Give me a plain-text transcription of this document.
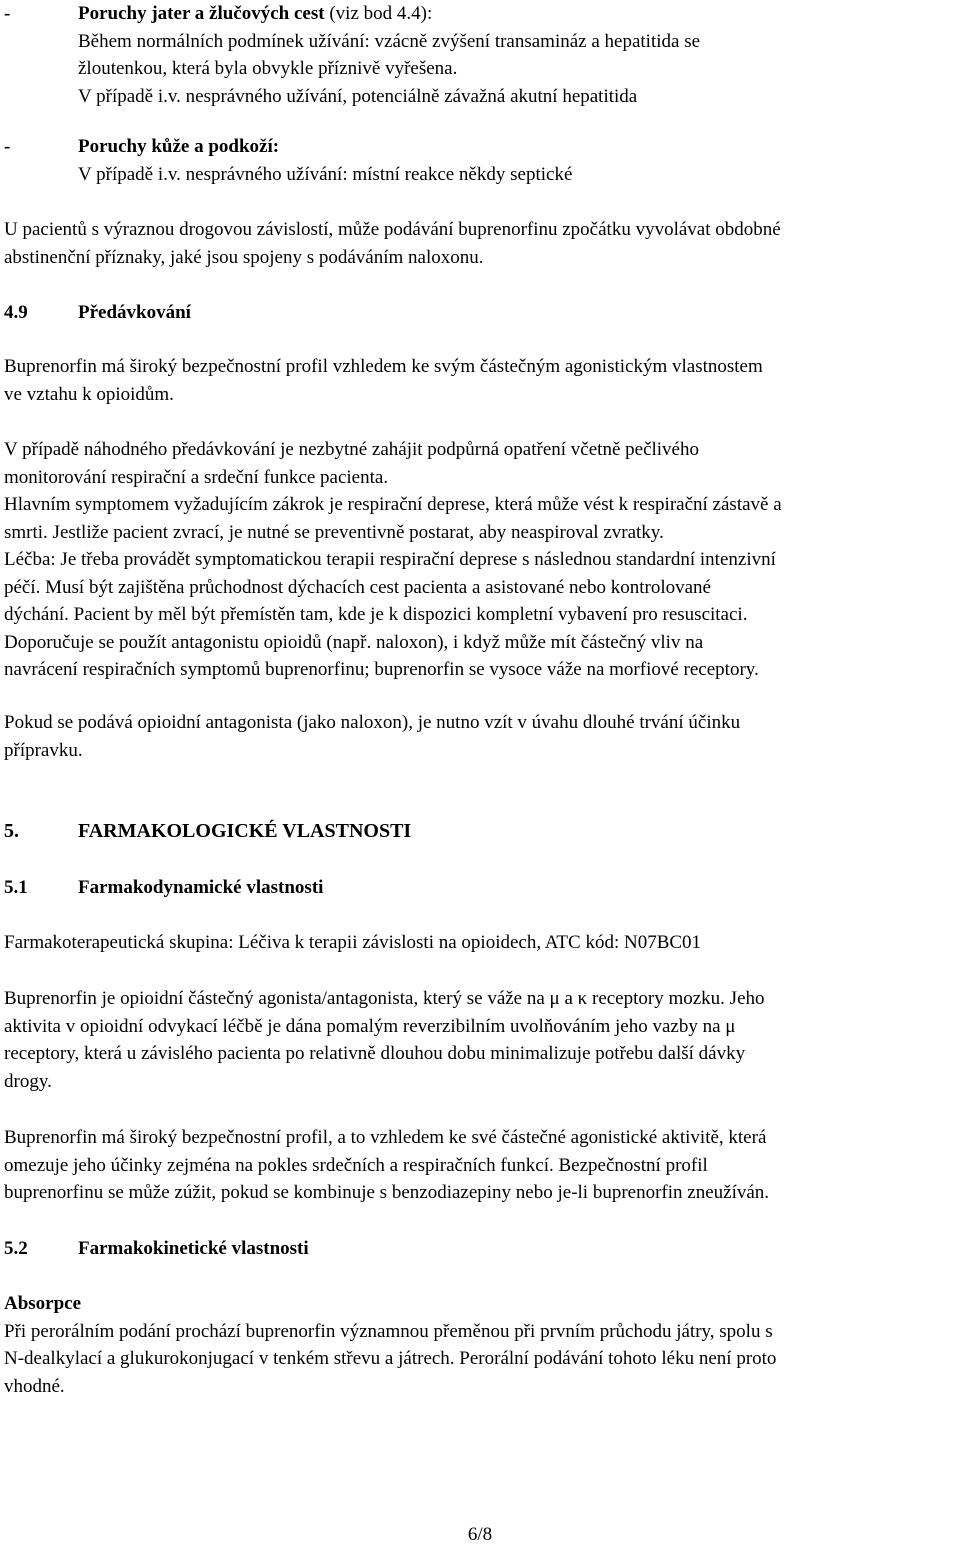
-	Poruchy jater a žlučových cest (viz bod 4.4):
Během normálních podmínek užívání: vzácně zvýšení transamináz a hepatitida se
žloutenkou, která byla obvykle příznivě vyřešena.
V případě i.v. nesprávného užívání, potenciálně závažná akutní hepatitida
-	Poruchy kůže a podkoží:
V případě i.v. nesprávného užívání: místní reakce někdy septické
U pacientů s výraznou drogovou závislostí, může podávání buprenorfinu zpočátku vyvolávat obdobné
abstinenční příznaky, jaké jsou spojeny s podáváním naloxonu.
4.9	Předávkování
Buprenorfin má široký bezpečnostní profil vzhledem ke svým částečným agonistickým vlastnostem
ve vztahu k opioidům.
V případě náhodného předávkování je nezbytné zahájit podpůrná opatření včetně pečlivého
monitorování respirační a srdeční funkce pacienta.
Hlavním symptomem vyžadujícím zákrok je respirační deprese, která může vést k respirační zástavě a
smrti. Jestliže pacient zvrací, je nutné se preventivně postarat, aby neaspiroval zvratky.
Léčba: Je třeba provádět symptomatickou terapii respirační deprese s následnou standardní intenzivní
péčí. Musí být zajištěna průchodnost dýchacích cest pacienta a asistované nebo kontrolované
dýchání. Pacient by měl být přemístěn tam, kde je k dispozici kompletní vybavení pro resuscitaci.
Doporučuje se použít antagonistu opioidů (např. naloxon), i když může mít částečný vliv na
navrácení respiračních symptomů buprenorfinu; buprenorfin se vysoce váže na morfiové receptory.
Pokud se podává opioidní antagonista (jako naloxon), je nutno vzít v úvahu dlouhé trvání účinku
přípravku.
5.	FARMAKOLOGICKÉ VLASTNOSTI
5.1	Farmakodynamické vlastnosti
Farmakoterapeutická skupina: Léčiva k terapii závislosti na opioidech, ATC kód: N07BC01
Buprenorfin je opioidní částečný agonista/antagonista, který se váže na μ a κ receptory mozku. Jeho
aktivita v opioidní odvykací léčbě je dána pomalým reverzibilním uvolňováním jeho vazby na μ
receptory, která u závislého pacienta po relativně dlouhou dobu minimalizuje potřebu další dávky
drogy.
Buprenorfin má široký bezpečnostní profil, a to vzhledem ke své částečné agonistické aktivitě, která
omezuje jeho účinky zejména na pokles srdečních a respiračních funkcí. Bezpečnostní profil
buprenorfinu se může zúžit, pokud se kombinuje s benzodiazepiny nebo je-li buprenorfin zneužíván.
5.2	Farmakokinetické vlastnosti
Absorpce
Při perorálním podání prochází buprenorfin významnou přeměnou při prvním průchodu játry, spolu s
N-dealkylací a glukurokonjugací v tenkém střevu a játrech. Perorální podávání tohoto léku není proto
vhodné.
6/8
